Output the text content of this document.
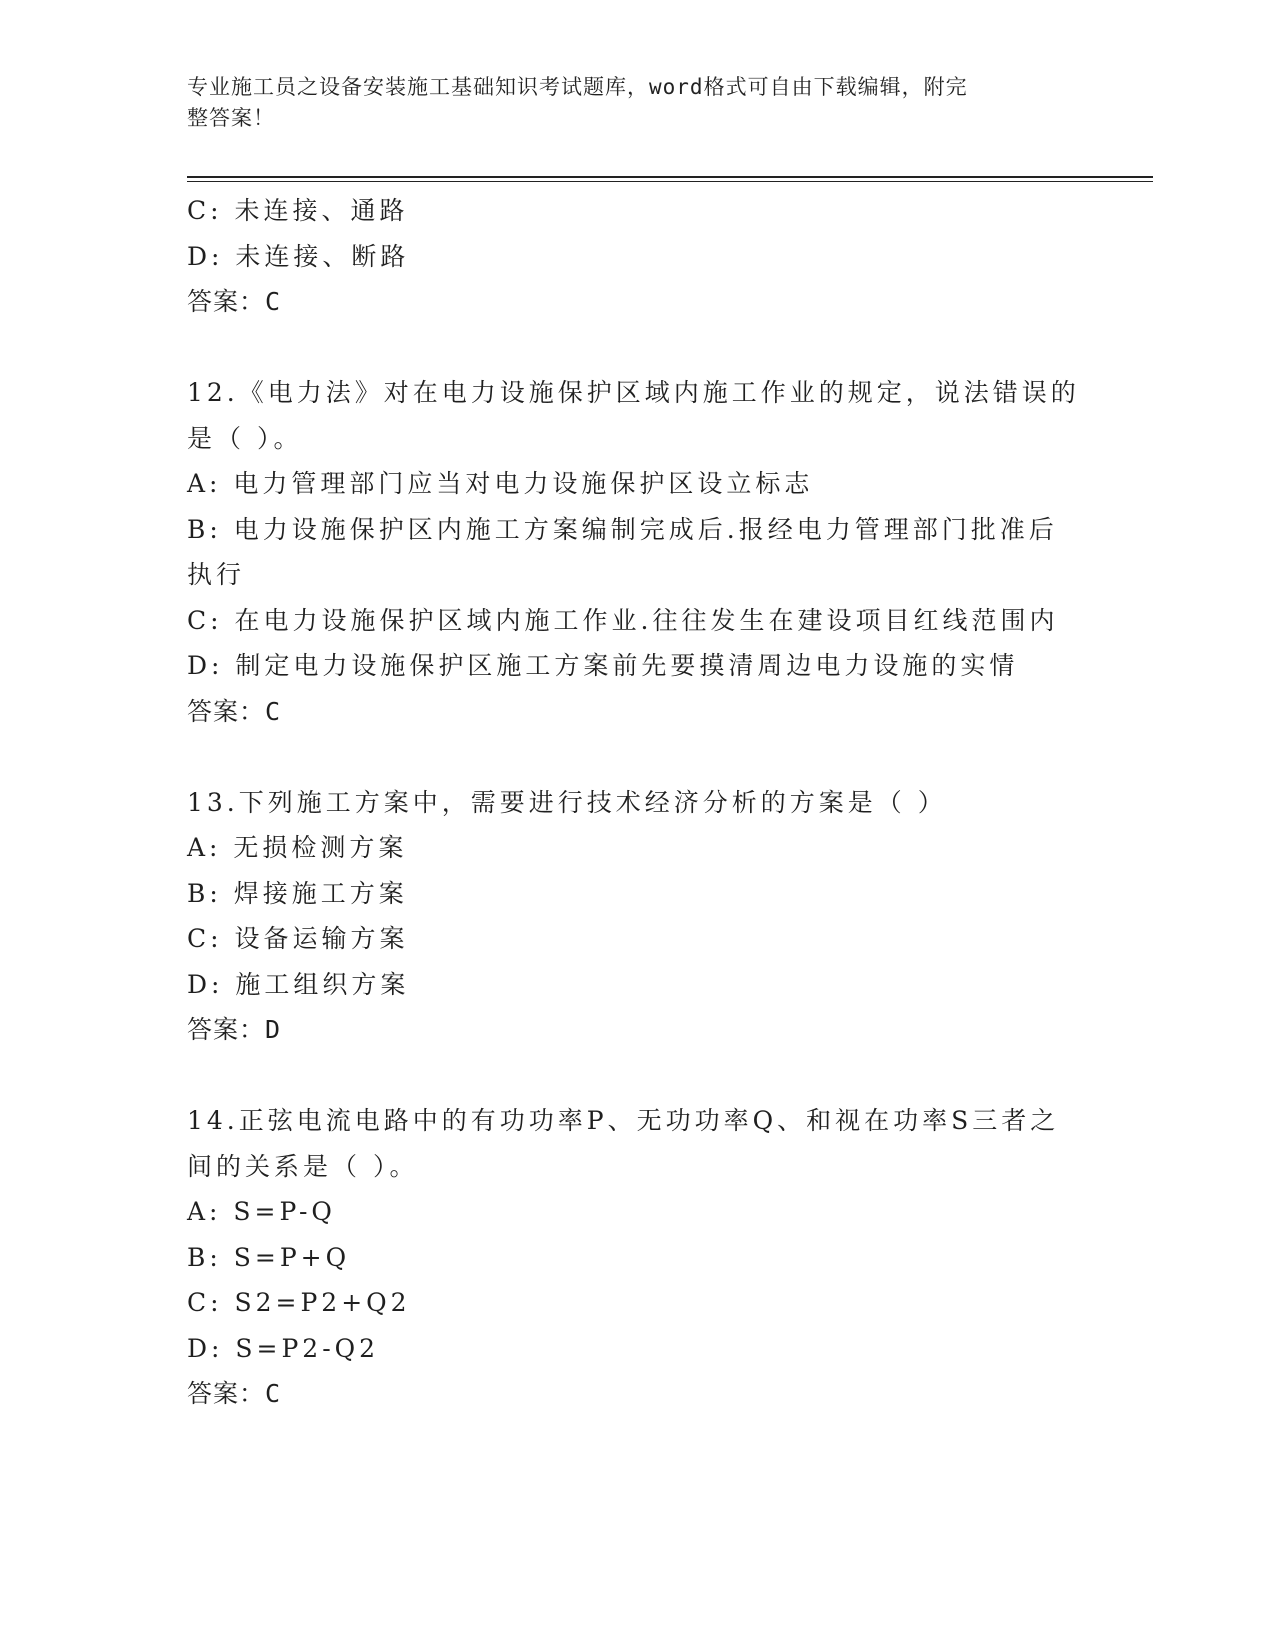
专业施工员之设备安装施工基础知识考试题库，word格式可自由下载编辑，附完
整答案！
C: 未连接、通路
D: 未连接、断路
答案：C
12.《电力法》对在电力设施保护区域内施工作业的规定，说法错误的
是（ ）。
A: 电力管理部门应当对电力设施保护区设立标志
B: 电力设施保护区内施工方案编制完成后.报经电力管理部门批准后
执行
C: 在电力设施保护区域内施工作业.往往发生在建设项目红线范围内
D: 制定电力设施保护区施工方案前先要摸清周边电力设施的实情
答案：C
13.下列施工方案中，需要进行技术经济分析的方案是（ ）
A: 无损检测方案
B: 焊接施工方案
C: 设备运输方案
D: 施工组织方案
答案：D
14.正弦电流电路中的有功功率P、无功功率Q、和视在功率S三者之
间的关系是（ ）。
A: S=P-Q
B: S=P+Q
C: S2=P2+Q2
D: S=P2-Q2
答案：C
